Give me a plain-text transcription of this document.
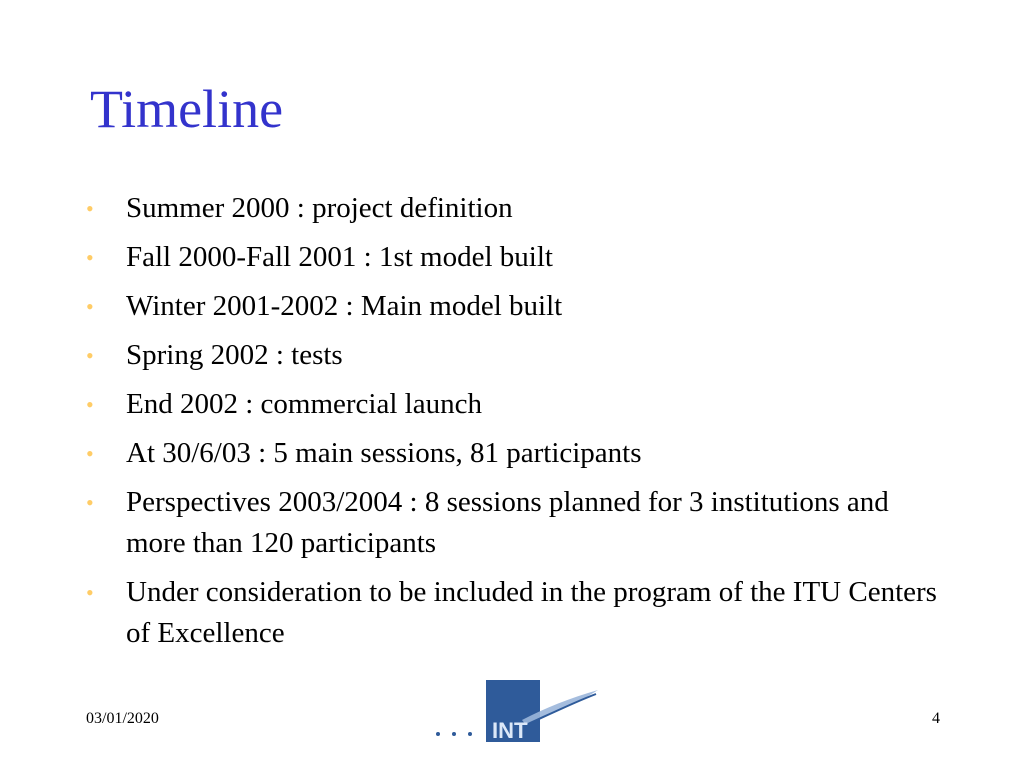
Timeline
• Summer 2000 : project definition
• Fall 2000-Fall 2001 : 1st model built
• Winter 2001-2002 : Main model built
• Spring 2002 : tests
• End 2002 : commercial launch
• At 30/6/03 : 5 main sessions, 81 participants
• Perspectives 2003/2004 : 8 sessions planned for 3 institutions and more than 120 participants
• Under consideration to be included in the program of the ITU Centers of Excellence
03/01/2020	INT	4
